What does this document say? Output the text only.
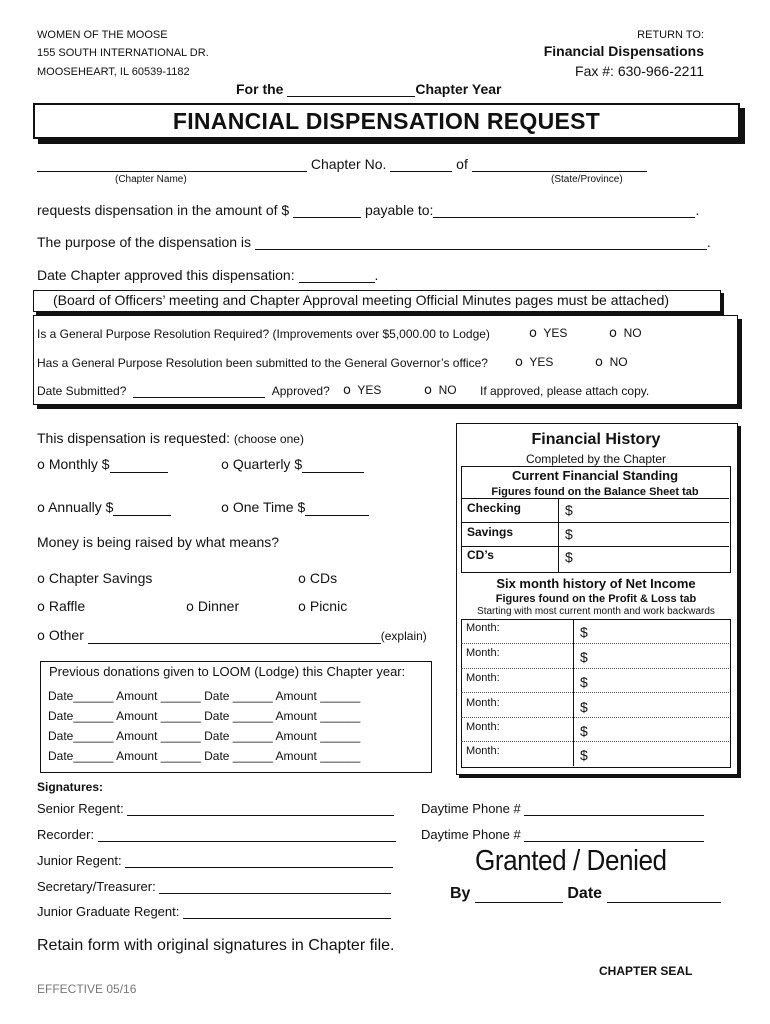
WOMEN OF THE MOOSE
155 SOUTH INTERNATIONAL DR.
MOOSEHEART, IL 60539-1182
RETURN TO:
Financial Dispensations
Fax #: 630-966-2211
For the	Chapter Year
FINANCIAL DISPENSATION REQUEST
Chapter No.	of
(Chapter Name)	(State/Province)
requests dispensation in the amount of $	payable to:	.
The purpose of the dispensation is	.
Date Chapter approved this dispensation:	.
(Board of Officers’ meeting and Chapter Approval meeting Official Minutes pages must be attached)
Is a General Purpose Resolution Required? (Improvements over $5,000.00 to Lodge)	o YES	o NO
Has a General Purpose Resolution been submitted to the General Governor’s office? o YES	o NO
Date Submitted?	Approved? o YES	o NO If approved, please attach copy.
This dispensation is requested: (choose one)
o Monthly $	o Quarterly $
o Annually $	o One Time $
Money is being raised by what means?
o Chapter Savings	o CDs
o Raffle	o Dinner	o Picnic
o Other	(explain)
Previous donations given to LOOM (Lodge) this Chapter year:
Date______ Amount ______ Date ______ Amount ______
Date______ Amount ______ Date ______ Amount ______
Date______ Amount ______ Date ______ Amount ______
Date______ Amount ______ Date ______ Amount ______
Financial History
Completed by the Chapter
Current Financial Standing
Figures found on the Balance Sheet tab
Checking	$
Savings	$
CD’s	$
Six month history of Net Income
Figures found on the Profit & Loss tab
Starting with most current month and work backwards
Month:	$
Month:	$
Month:	$
Month:	$
Month:	$
Month:	$
Signatures:
Senior Regent:
Recorder:
Junior Regent:
Secretary/Treasurer:
Junior Graduate Regent:
Daytime Phone #
Daytime Phone #
Granted / Denied
By	Date
Retain form with original signatures in Chapter file.
CHAPTER SEAL
EFFECTIVE 05/16
